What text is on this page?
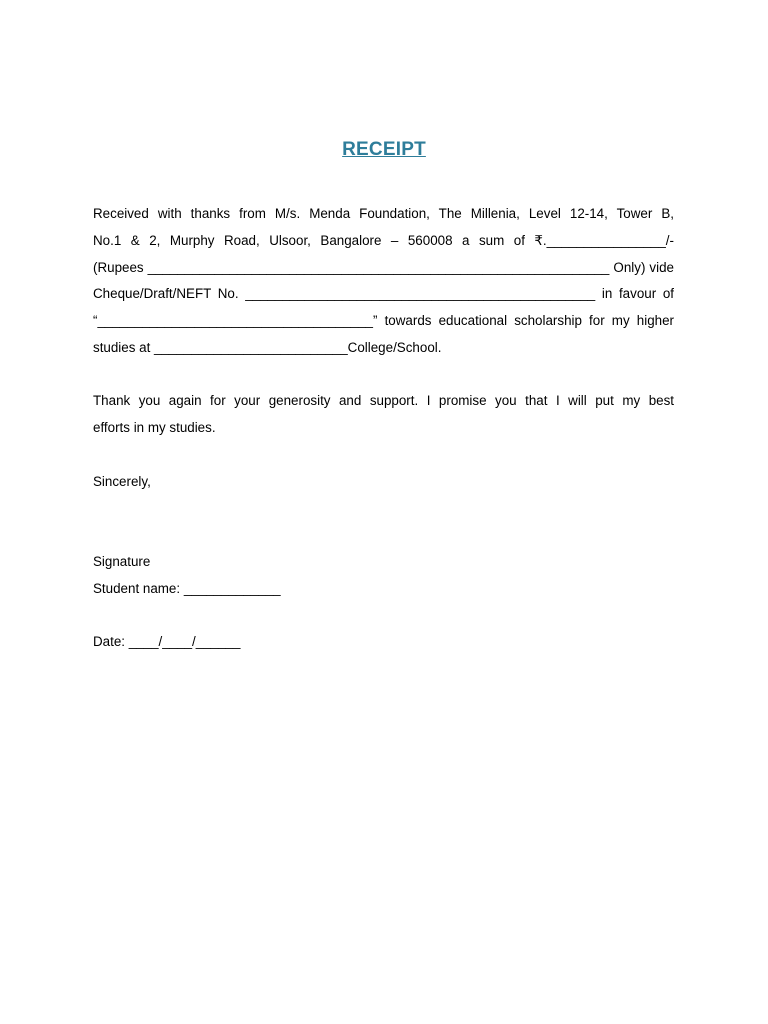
RECEIPT
Received with thanks from M/s. Menda Foundation, The Millenia, Level 12-14, Tower B,
No.1 & 2, Murphy Road, Ulsoor, Bangalore – 560008 a sum of ₹.________________/-
(Rupees ______________________________________________________________ Only) vide
Cheque/Draft/NEFT No. _______________________________________________ in favour of
“_____________________________________” towards educational scholarship for my higher
studies at __________________________College/School.
Thank you again for your generosity and support. I promise you that I will put my best
efforts in my studies.
Sincerely,
Signature
Student name: _____________
Date: ____/____/______
